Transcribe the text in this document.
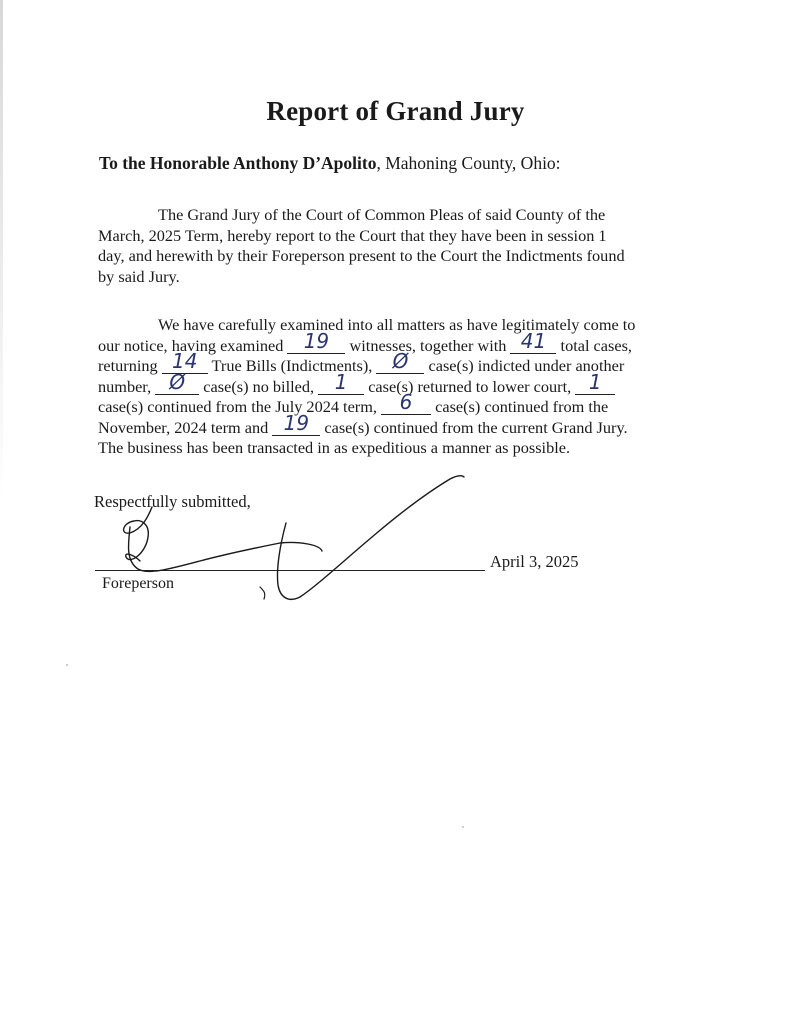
Report of Grand Jury
To the Honorable Anthony D’Apolito, Mahoning County, Ohio:
The Grand Jury of the Court of Common Pleas of said County of the
March, 2025 Term, hereby report to the Court that they have been in session 1
day, and herewith by their Foreperson present to the Court the Indictments found
by said Jury.
We have carefully examined into all matters as have legitimately come to
our notice, having examined 19 witnesses, together with 41 total cases,
returning 14 True Bills (Indictments), Ø case(s) indicted under another
number, Ø case(s) no billed, 1 case(s) returned to lower court, 1
case(s) continued from the July 2024 term, 6 case(s) continued from the
November, 2024 term and 19 case(s) continued from the current Grand Jury.
The business has been transacted in as expeditious a manner as possible.
Respectfully submitted,
April 3, 2025
Foreperson
